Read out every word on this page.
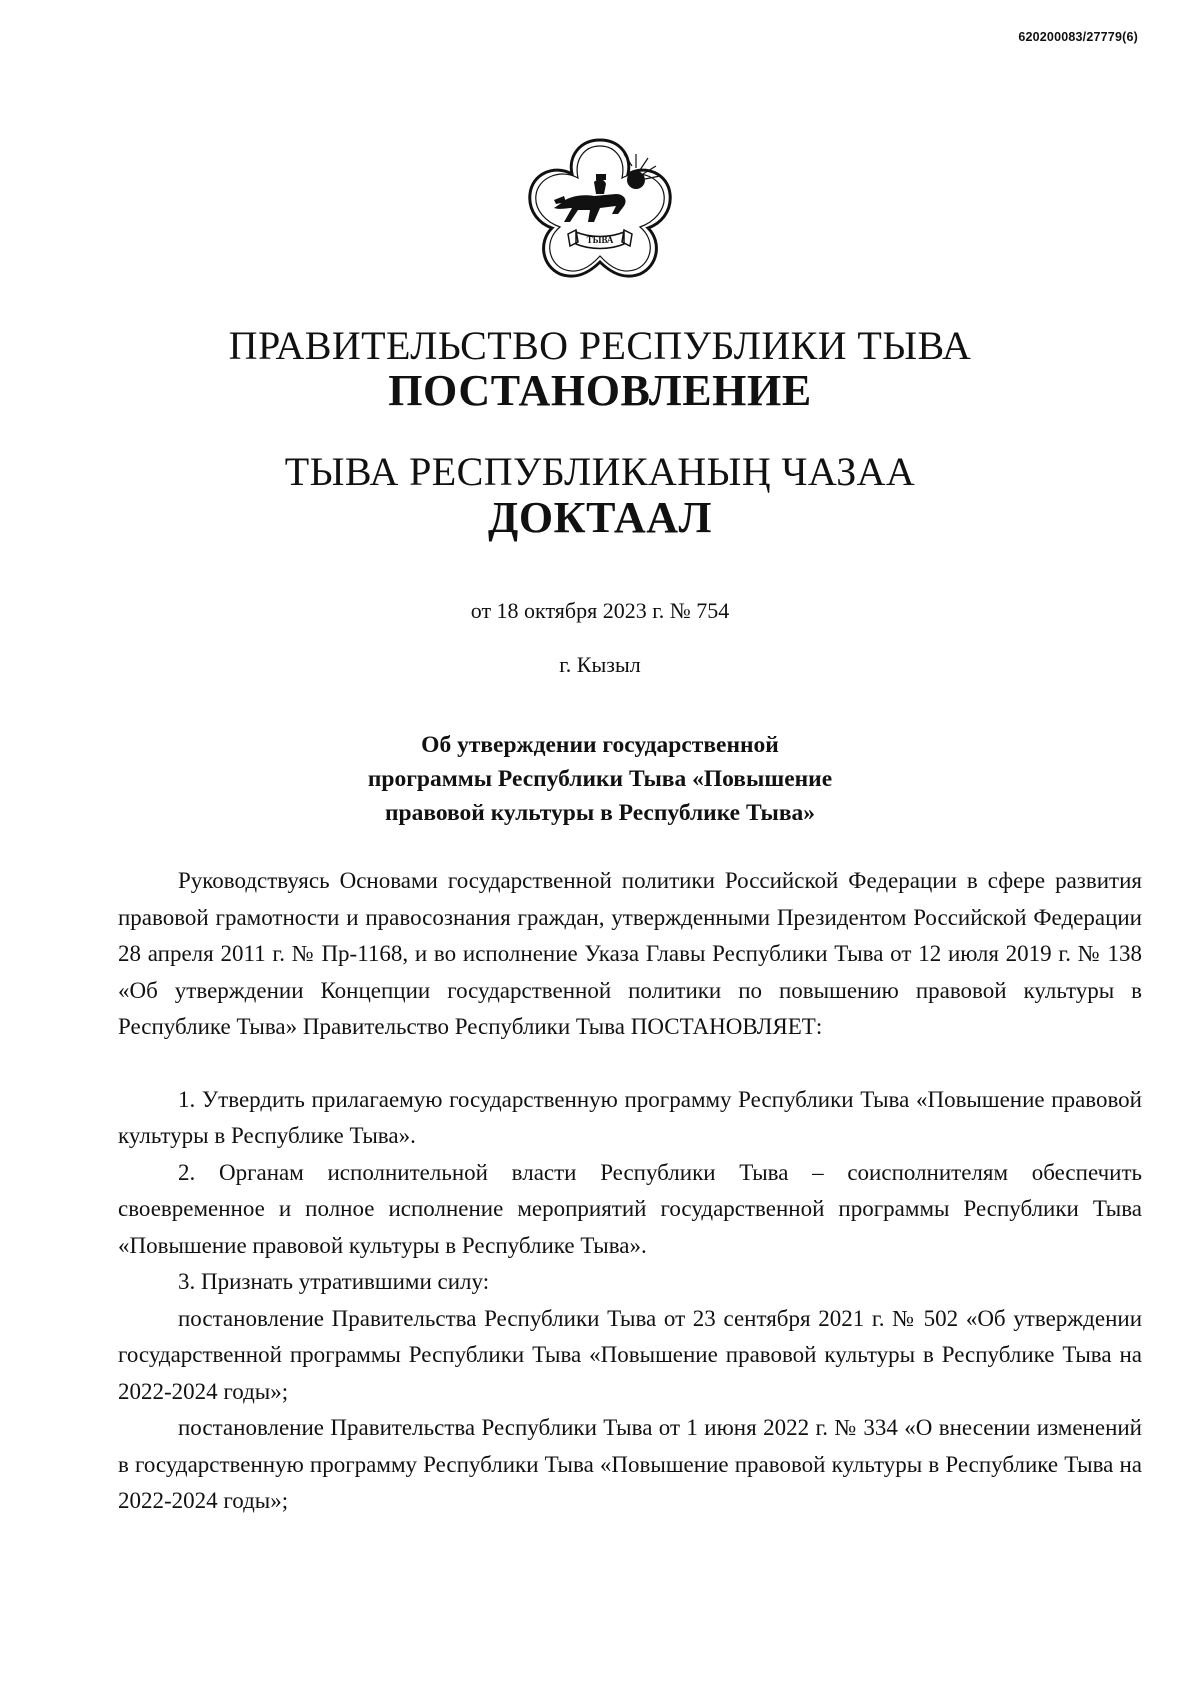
620200083/27779(6)
ТЫВА
ПРАВИТЕЛЬСТВО РЕСПУБЛИКИ ТЫВА
ПОСТАНОВЛЕНИЕ
ТЫВА РЕСПУБЛИКАНЫҢ ЧАЗАА
ДОКТААЛ
от 18 октября 2023 г. № 754
г. Кызыл
Об утверждении государственной
программы Республики Тыва «Повышение
правовой культуры в Республике Тыва»

Руководствуясь Основами государственной политики Российской Федерации в сфере развития правовой грамотности и правосознания граждан, утвержденными Президентом Российской Федерации 28 апреля 2011 г. № Пр-1168, и во исполнение Указа Главы Республики Тыва от 12 июля 2019 г. № 138 «Об утверждении Концепции государственной политики по повышению правовой культуры в Республике Тыва» Правительство Республики Тыва ПОСТАНОВЛЯЕТ:

1. Утвердить прилагаемую государственную программу Республики Тыва «Повышение правовой культуры в Республике Тыва».

2. Органам исполнительной власти Республики Тыва – соисполнителям обеспечить своевременное и полное исполнение мероприятий государственной программы Республики Тыва «Повышение правовой культуры в Республике Тыва».

3. Признать утратившими силу:

постановление Правительства Республики Тыва от 23 сентября 2021 г. № 502 «Об утверждении государственной программы Республики Тыва «Повышение правовой культуры в Республике Тыва на 2022-2024 годы»;

постановление Правительства Республики Тыва от 1 июня 2022 г. № 334 «О внесении изменений в государственную программу Республики Тыва «Повышение правовой культуры в Республике Тыва на 2022-2024 годы»;
